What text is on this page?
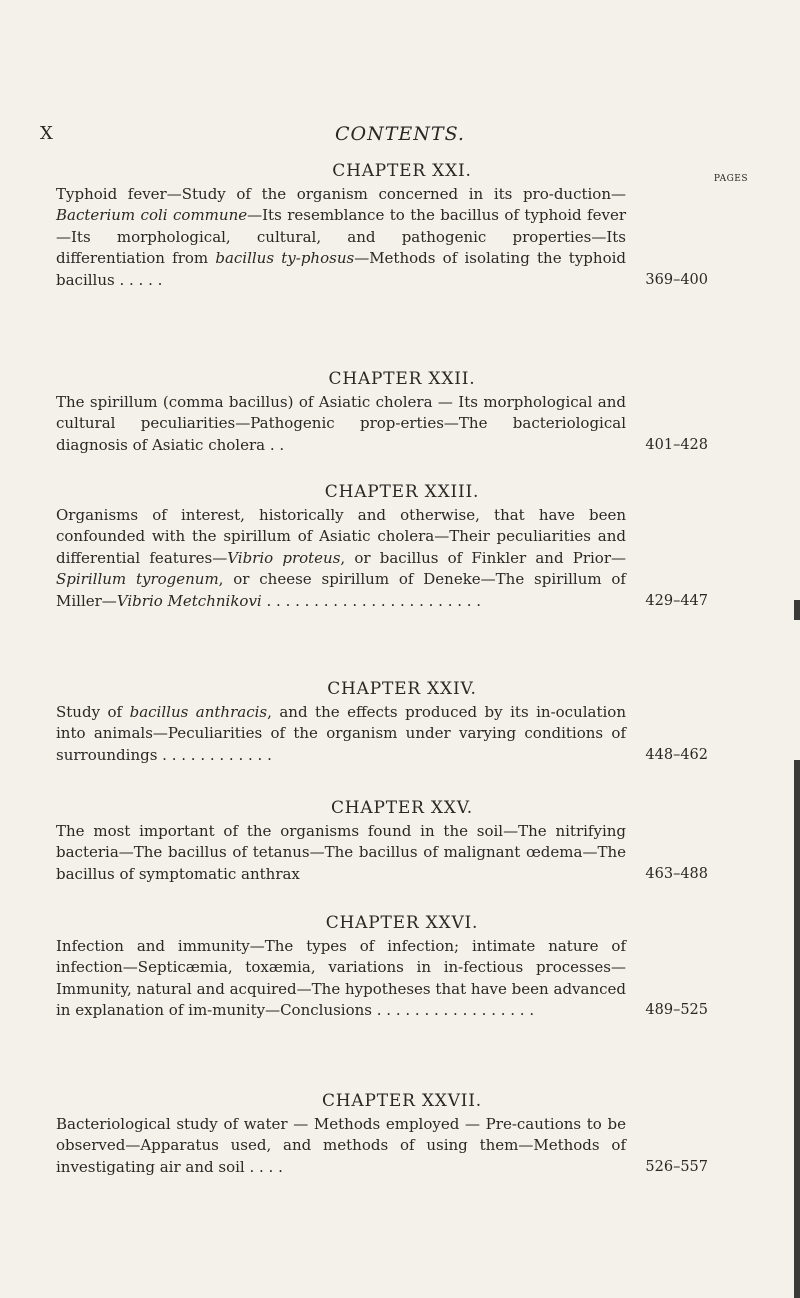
X	CONTENTS.
PAGES
CHAPTER XXI.
Typhoid fever—Study of the organism concerned in its pro-duction—Bacterium coli commune—Its resemblance to the bacillus of typhoid fever—Its morphological, cultural, and pathogenic properties—Its differentiation from bacillus ty-phosus—Methods of isolating the typhoid bacillus . . . . .	369–400
CHAPTER XXII.
The spirillum (comma bacillus) of Asiatic cholera — Its morphological and cultural peculiarities—Pathogenic prop-erties—The bacteriological diagnosis of Asiatic cholera . .	401–428
CHAPTER XXIII.
Organisms of interest, historically and otherwise, that have been confounded with the spirillum of Asiatic cholera—Their peculiarities and differential features—Vibrio proteus, or bacillus of Finkler and Prior—Spirillum tyrogenum, or cheese spirillum of Deneke—The spirillum of Miller—Vibrio Metchnikovi . . . . . . . . . . . . . . . . . . . . . . .	429–447
CHAPTER XXIV.
Study of bacillus anthracis, and the effects produced by its in-oculation into animals—Peculiarities of the organism under varying conditions of surroundings . . . . . . . . . . . .	448–462
CHAPTER XXV.
The most important of the organisms found in the soil—The nitrifying bacteria—The bacillus of tetanus—The bacillus of malignant œdema—The bacillus of symptomatic anthrax	463–488
CHAPTER XXVI.
Infection and immunity—The types of infection; intimate nature of infection—Septicæmia, toxæmia, variations in in-fectious processes—Immunity, natural and acquired—The hypotheses that have been advanced in explanation of im-munity—Conclusions . . . . . . . . . . . . . . . . .	489–525
CHAPTER XXVII.
Bacteriological study of water — Methods employed — Pre-cautions to be observed—Apparatus used, and methods of using them—Methods of investigating air and soil . . . .	526–557
